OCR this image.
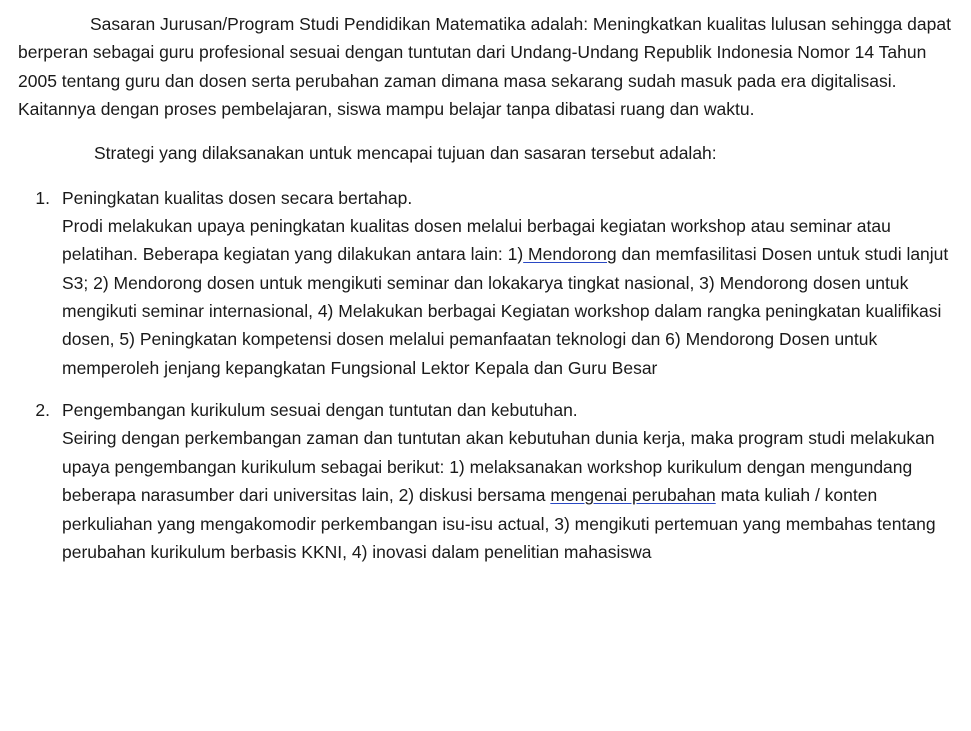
Sasaran Jurusan/Program Studi Pendidikan Matematika adalah: Meningkatkan kualitas lulusan sehingga dapat berperan sebagai guru profesional sesuai dengan tuntutan dari Undang-Undang Republik Indonesia Nomor 14 Tahun 2005 tentang guru dan dosen serta perubahan zaman dimana masa sekarang sudah masuk pada era digitalisasi. Kaitannya dengan proses pembelajaran, siswa mampu belajar tanpa dibatasi ruang dan waktu.

Strategi yang dilaksanakan untuk mencapai tujuan dan sasaran tersebut adalah:

1. Peningkatan kualitas dosen secara bertahap.
Prodi melakukan upaya peningkatan kualitas dosen melalui berbagai kegiatan workshop atau seminar atau pelatihan. Beberapa kegiatan yang dilakukan antara lain: 1) Mendorong dan memfasilitasi Dosen untuk studi lanjut S3; 2) Mendorong dosen untuk mengikuti seminar dan lokakarya tingkat nasional, 3) Mendorong dosen untuk mengikuti seminar internasional, 4) Melakukan berbagai Kegiatan workshop dalam rangka peningkatan kualifikasi dosen, 5) Peningkatan kompetensi dosen melalui pemanfaatan teknologi dan 6) Mendorong Dosen untuk memperoleh jenjang kepangkatan Fungsional Lektor Kepala dan Guru Besar
2. Pengembangan kurikulum sesuai dengan tuntutan dan kebutuhan.
Seiring dengan perkembangan zaman dan tuntutan akan kebutuhan dunia kerja, maka program studi melakukan upaya pengembangan kurikulum sebagai berikut: 1) melaksanakan workshop kurikulum dengan mengundang beberapa narasumber dari universitas lain, 2) diskusi bersama mengenai perubahan mata kuliah / konten perkuliahan yang mengakomodir perkembangan isu-isu actual, 3) mengikuti pertemuan yang membahas tentang perubahan kurikulum berbasis KKNI, 4) inovasi dalam penelitian mahasiswa
